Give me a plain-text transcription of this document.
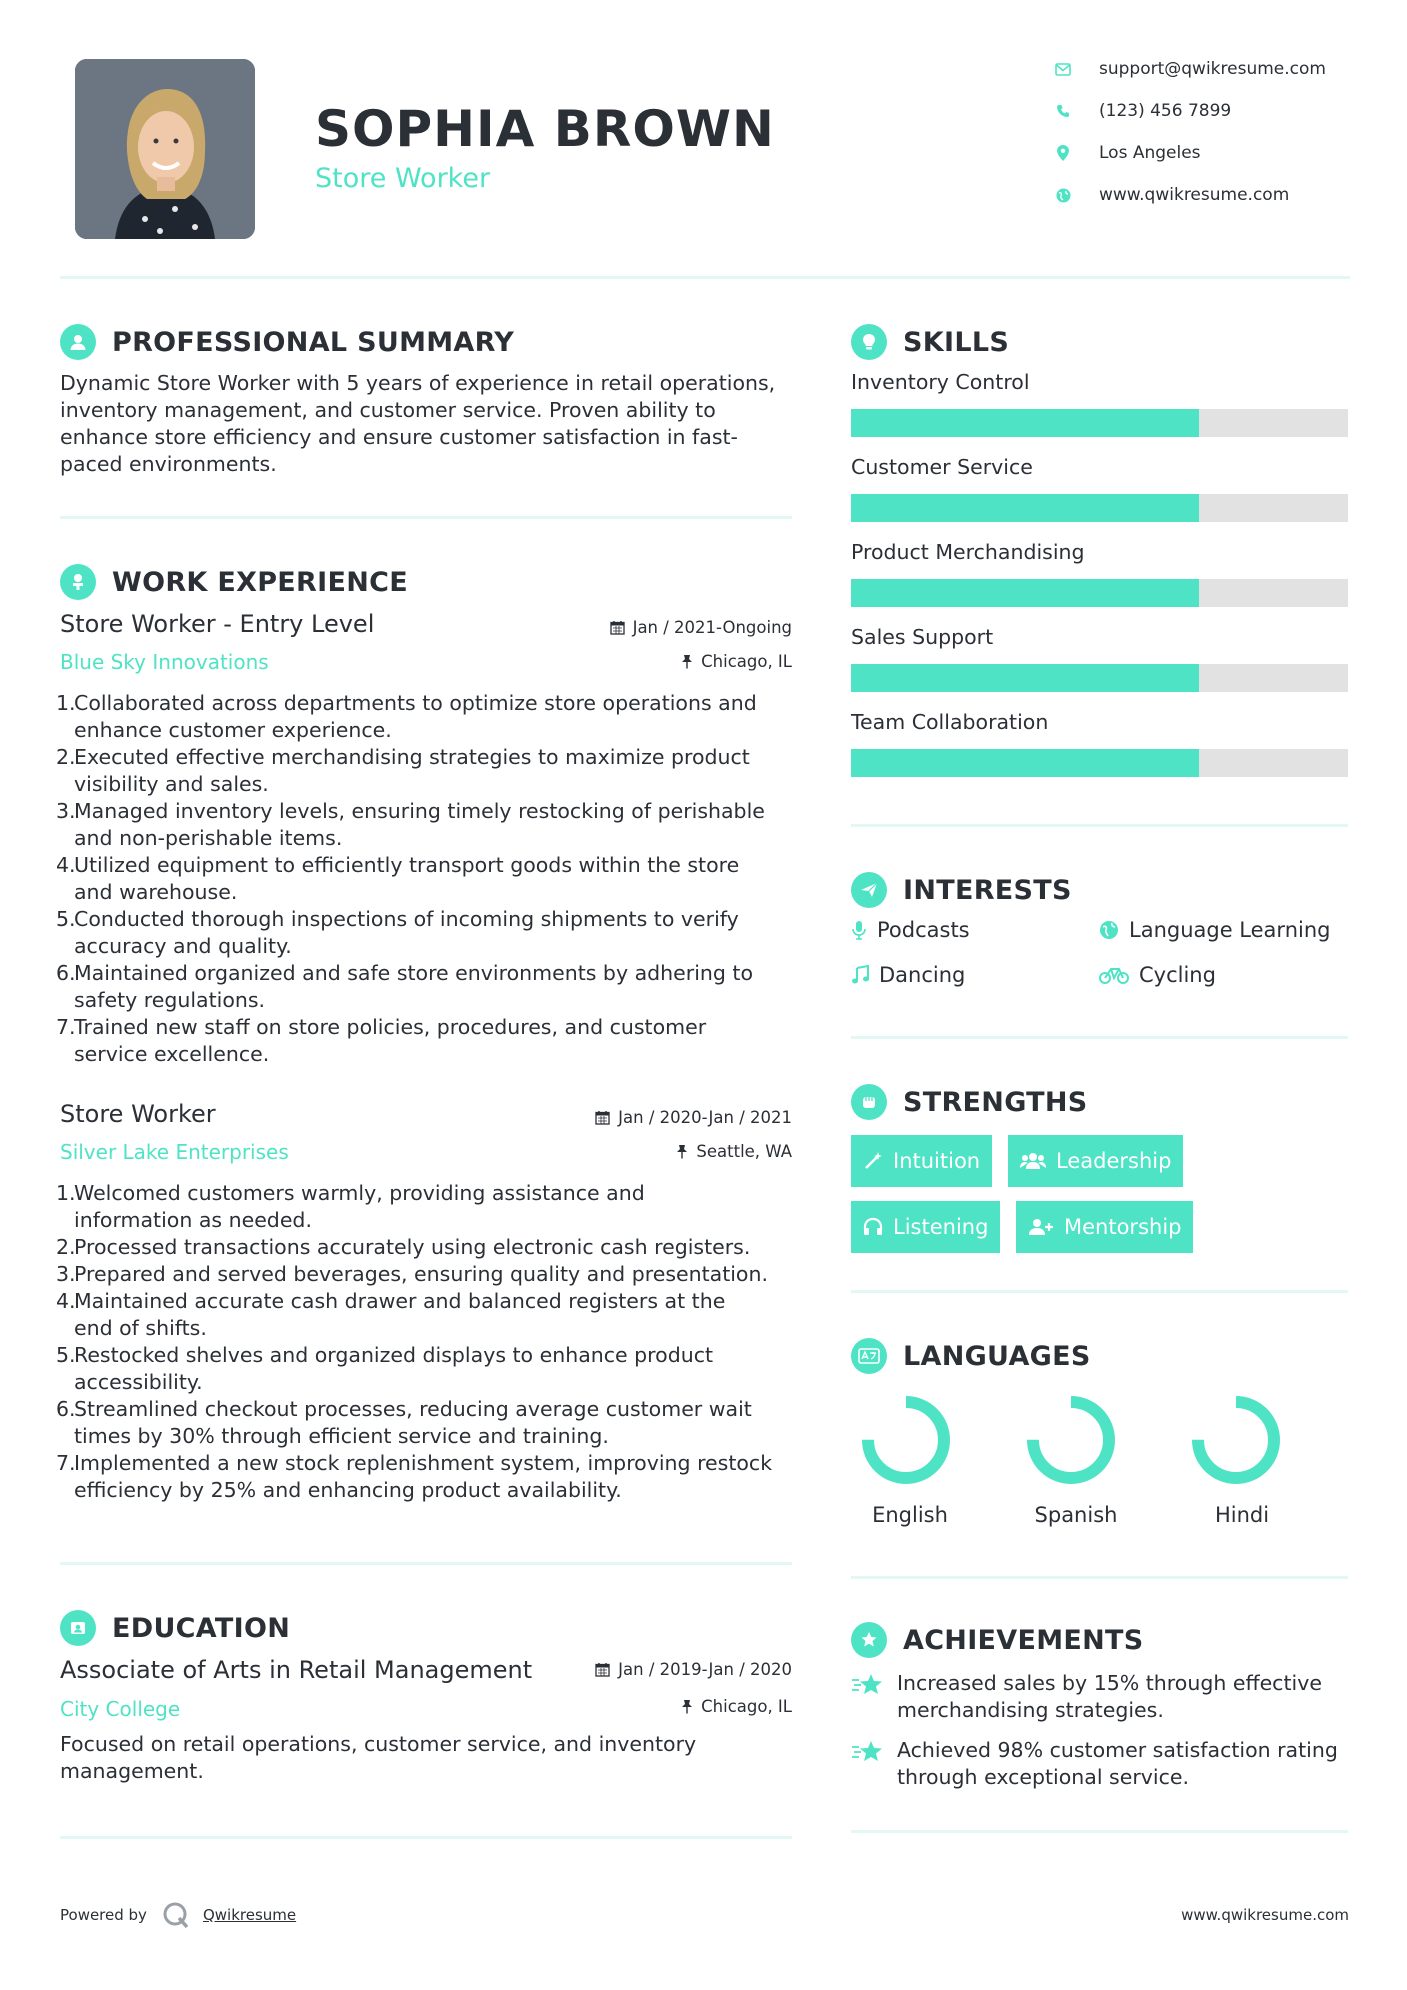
SOPHIA BROWN
Store Worker
support@qwikresume.com
(123) 456 7899
Los Angeles
www.qwikresume.com
PROFESSIONAL SUMMARY
Dynamic Store Worker with 5 years of experience in retail operations,
inventory management, and customer service. Proven ability to
enhance store efficiency and ensure customer satisfaction in fast-
paced environments.
WORK EXPERIENCE
Store Worker - Entry Level	Jan / 2021-Ongoing
Blue Sky Innovations	Chicago, IL
1.
Collaborated across departments to optimize store operations and
enhance customer experience.
2.
Executed effective merchandising strategies to maximize product
visibility and sales.
3.
Managed inventory levels, ensuring timely restocking of perishable
and non-perishable items.
4.
Utilized equipment to efficiently transport goods within the store
and warehouse.
5.
Conducted thorough inspections of incoming shipments to verify
accuracy and quality.
6.
Maintained organized and safe store environments by adhering to
safety regulations.
7.
Trained new staff on store policies, procedures, and customer
service excellence.
Store Worker	Jan / 2020-Jan / 2021
Silver Lake Enterprises	Seattle, WA
1.
Welcomed customers warmly, providing assistance and
information as needed.
2.
Processed transactions accurately using electronic cash registers.
3.
Prepared and served beverages, ensuring quality and presentation.
4.
Maintained accurate cash drawer and balanced registers at the
end of shifts.
5.
Restocked shelves and organized displays to enhance product
accessibility.
6.
Streamlined checkout processes, reducing average customer wait
times by 30% through efficient service and training.
7.
Implemented a new stock replenishment system, improving restock
efficiency by 25% and enhancing product availability.
EDUCATION
Associate of Arts in Retail Management	Jan / 2019-Jan / 2020
City College	Chicago, IL
Focused on retail operations, customer service, and inventory
management.
SKILLS
Inventory Control
Customer Service
Product Merchandising
Sales Support
Team Collaboration
INTERESTS
Podcasts	Language Learning
Dancing	Cycling
STRENGTHS
Intuition	Leadership
Listening	Mentorship
LANGUAGES
English	Spanish	Hindi
ACHIEVEMENTS
Increased sales by 15% through effective
merchandising strategies.
Achieved 98% customer satisfaction rating
through exceptional service.
Powered by	Qwikresume	www.qwikresume.com
